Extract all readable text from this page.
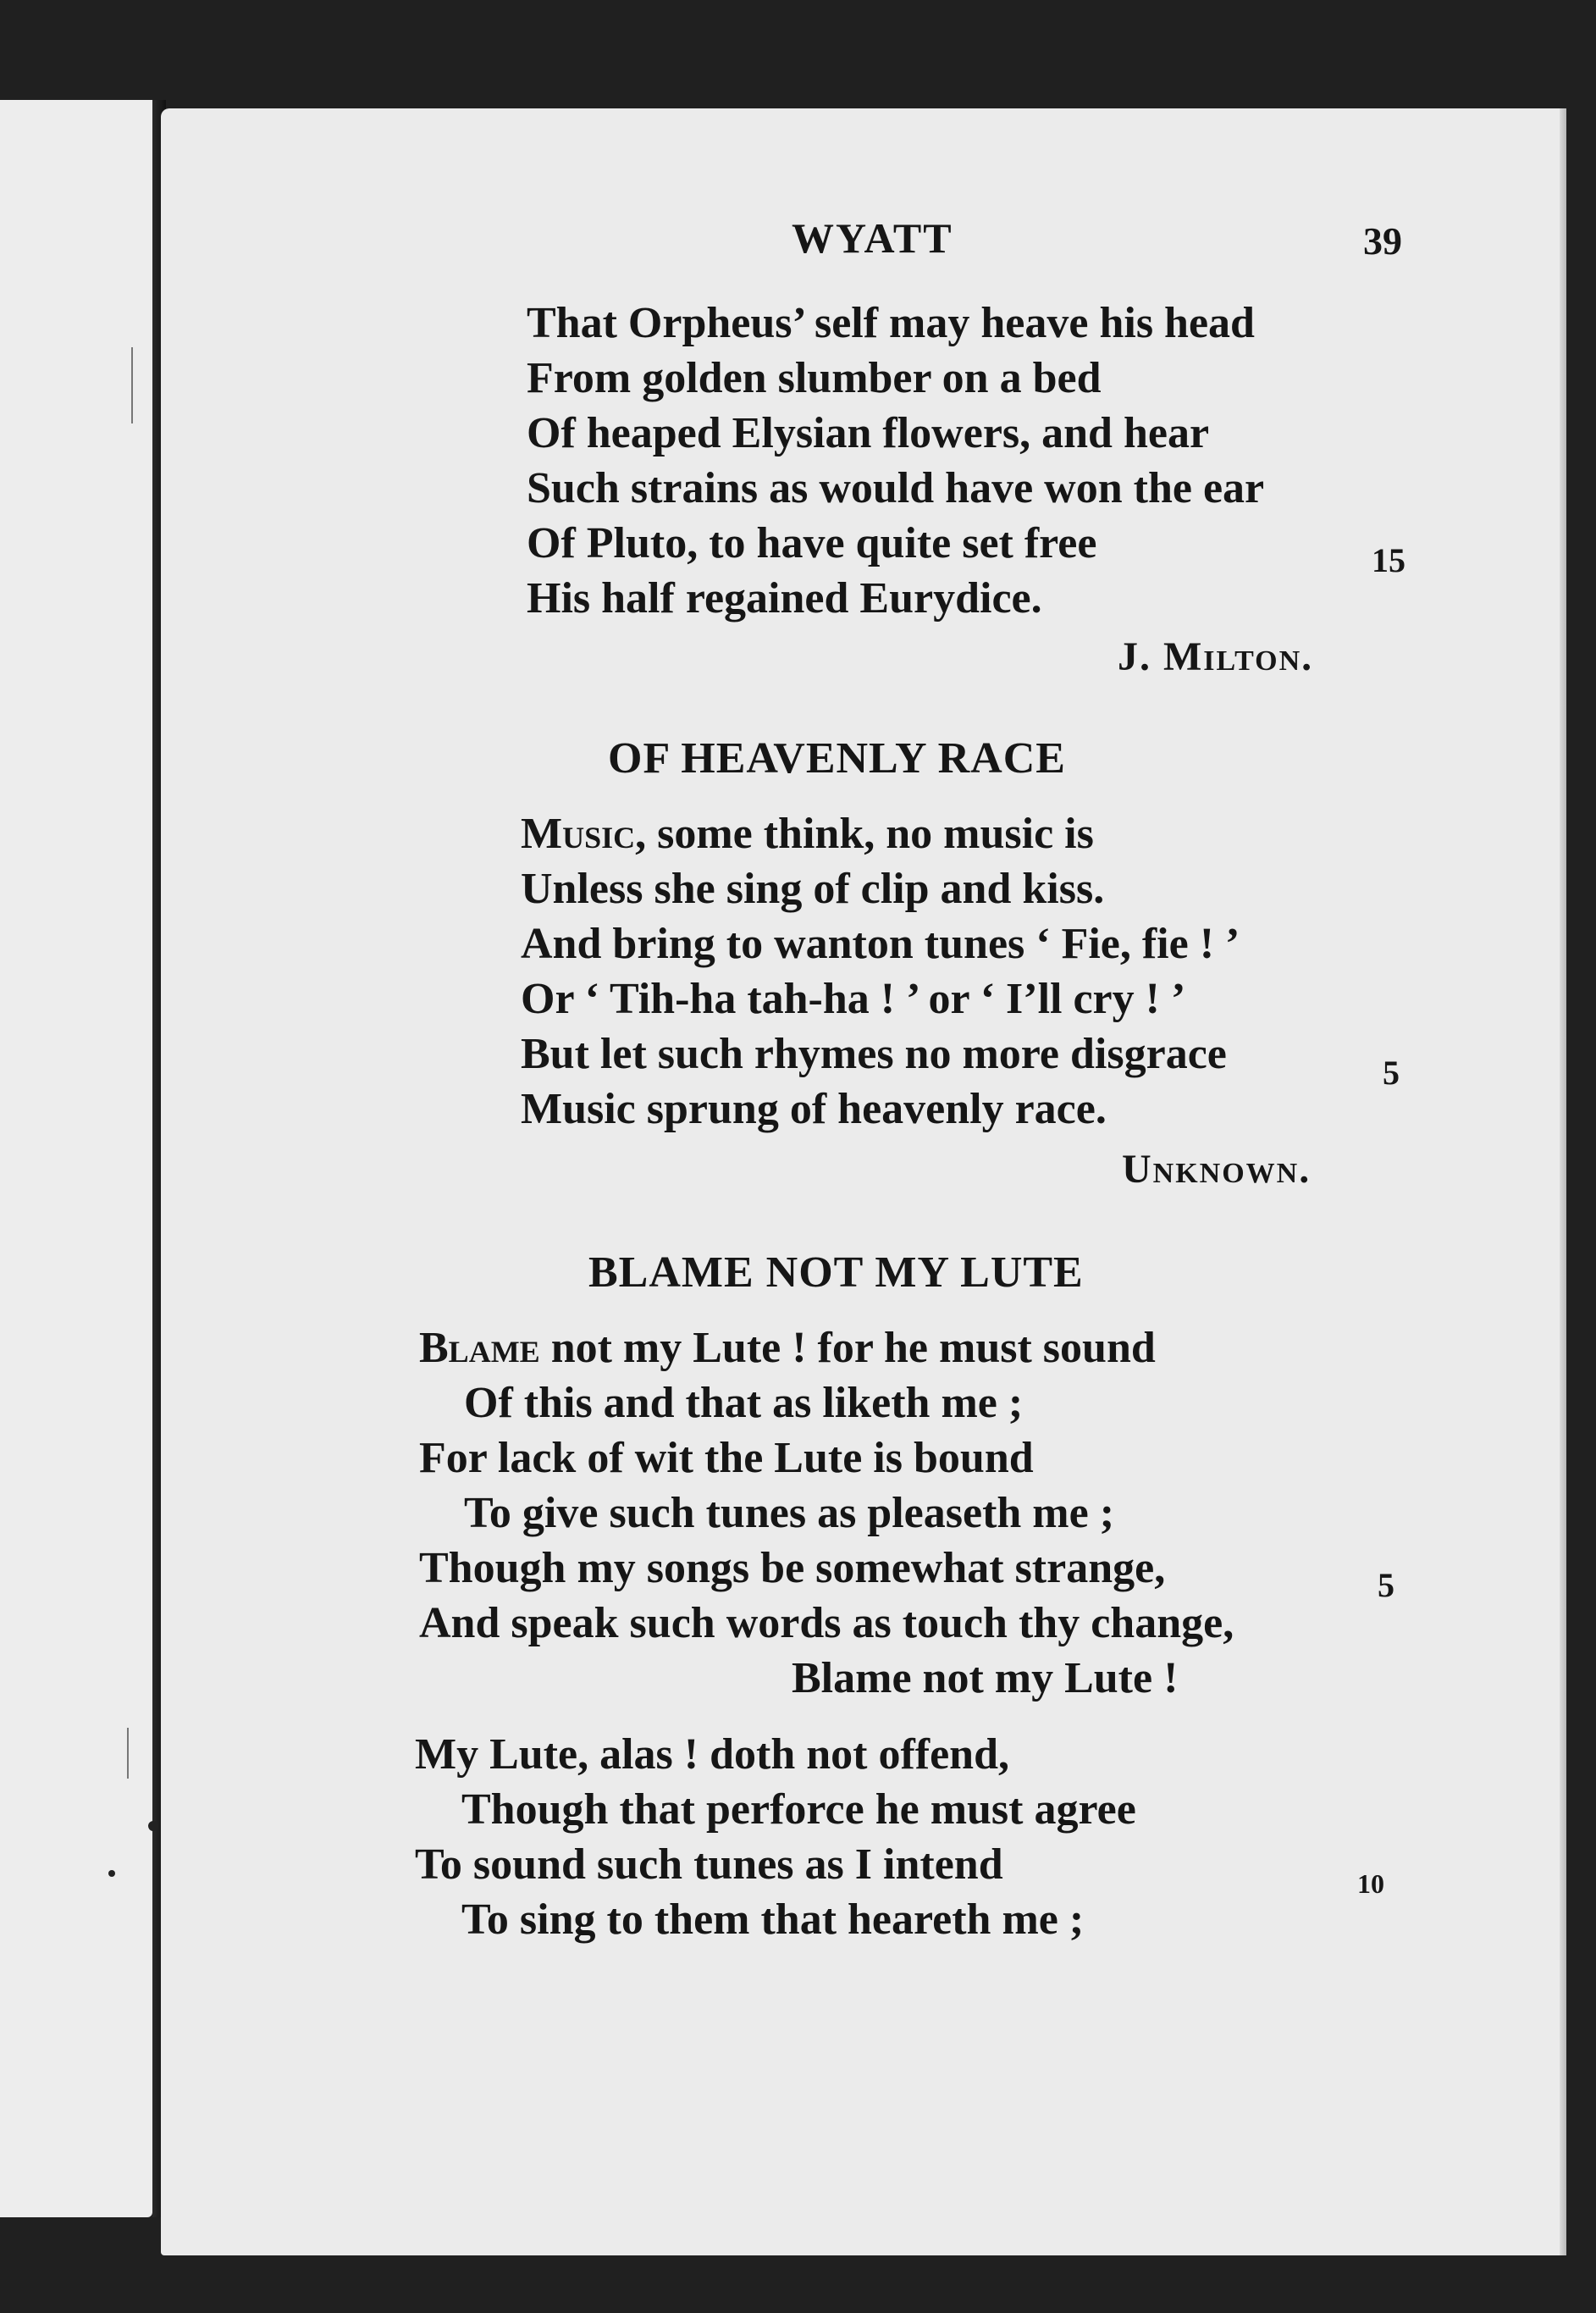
WYATT	39
That Orpheus’ self may heave his head
From golden slumber on a bed
Of heaped Elysian flowers, and hear
Such strains as would have won the ear
Of Pluto, to have quite set free	15
His half regained Eurydice.
J. Milton.
OF HEAVENLY RACE
Music, some think, no music is
Unless she sing of clip and kiss.
And bring to wanton tunes ‘ Fie, fie ! ’
Or ‘ Tih-ha tah-ha ! ’ or ‘ I’ll cry ! ’
But let such rhymes no more disgrace	5
Music sprung of heavenly race.
Unknown.
BLAME NOT MY LUTE
Blame not my Lute ! for he must sound
Of this and that as liketh me ;
For lack of wit the Lute is bound
To give such tunes as pleaseth me ;
Though my songs be somewhat strange,	5
And speak such words as touch thy change,
Blame not my Lute !
My Lute, alas ! doth not offend,
Though that perforce he must agree
To sound such tunes as I intend	10
To sing to them that heareth me ;
